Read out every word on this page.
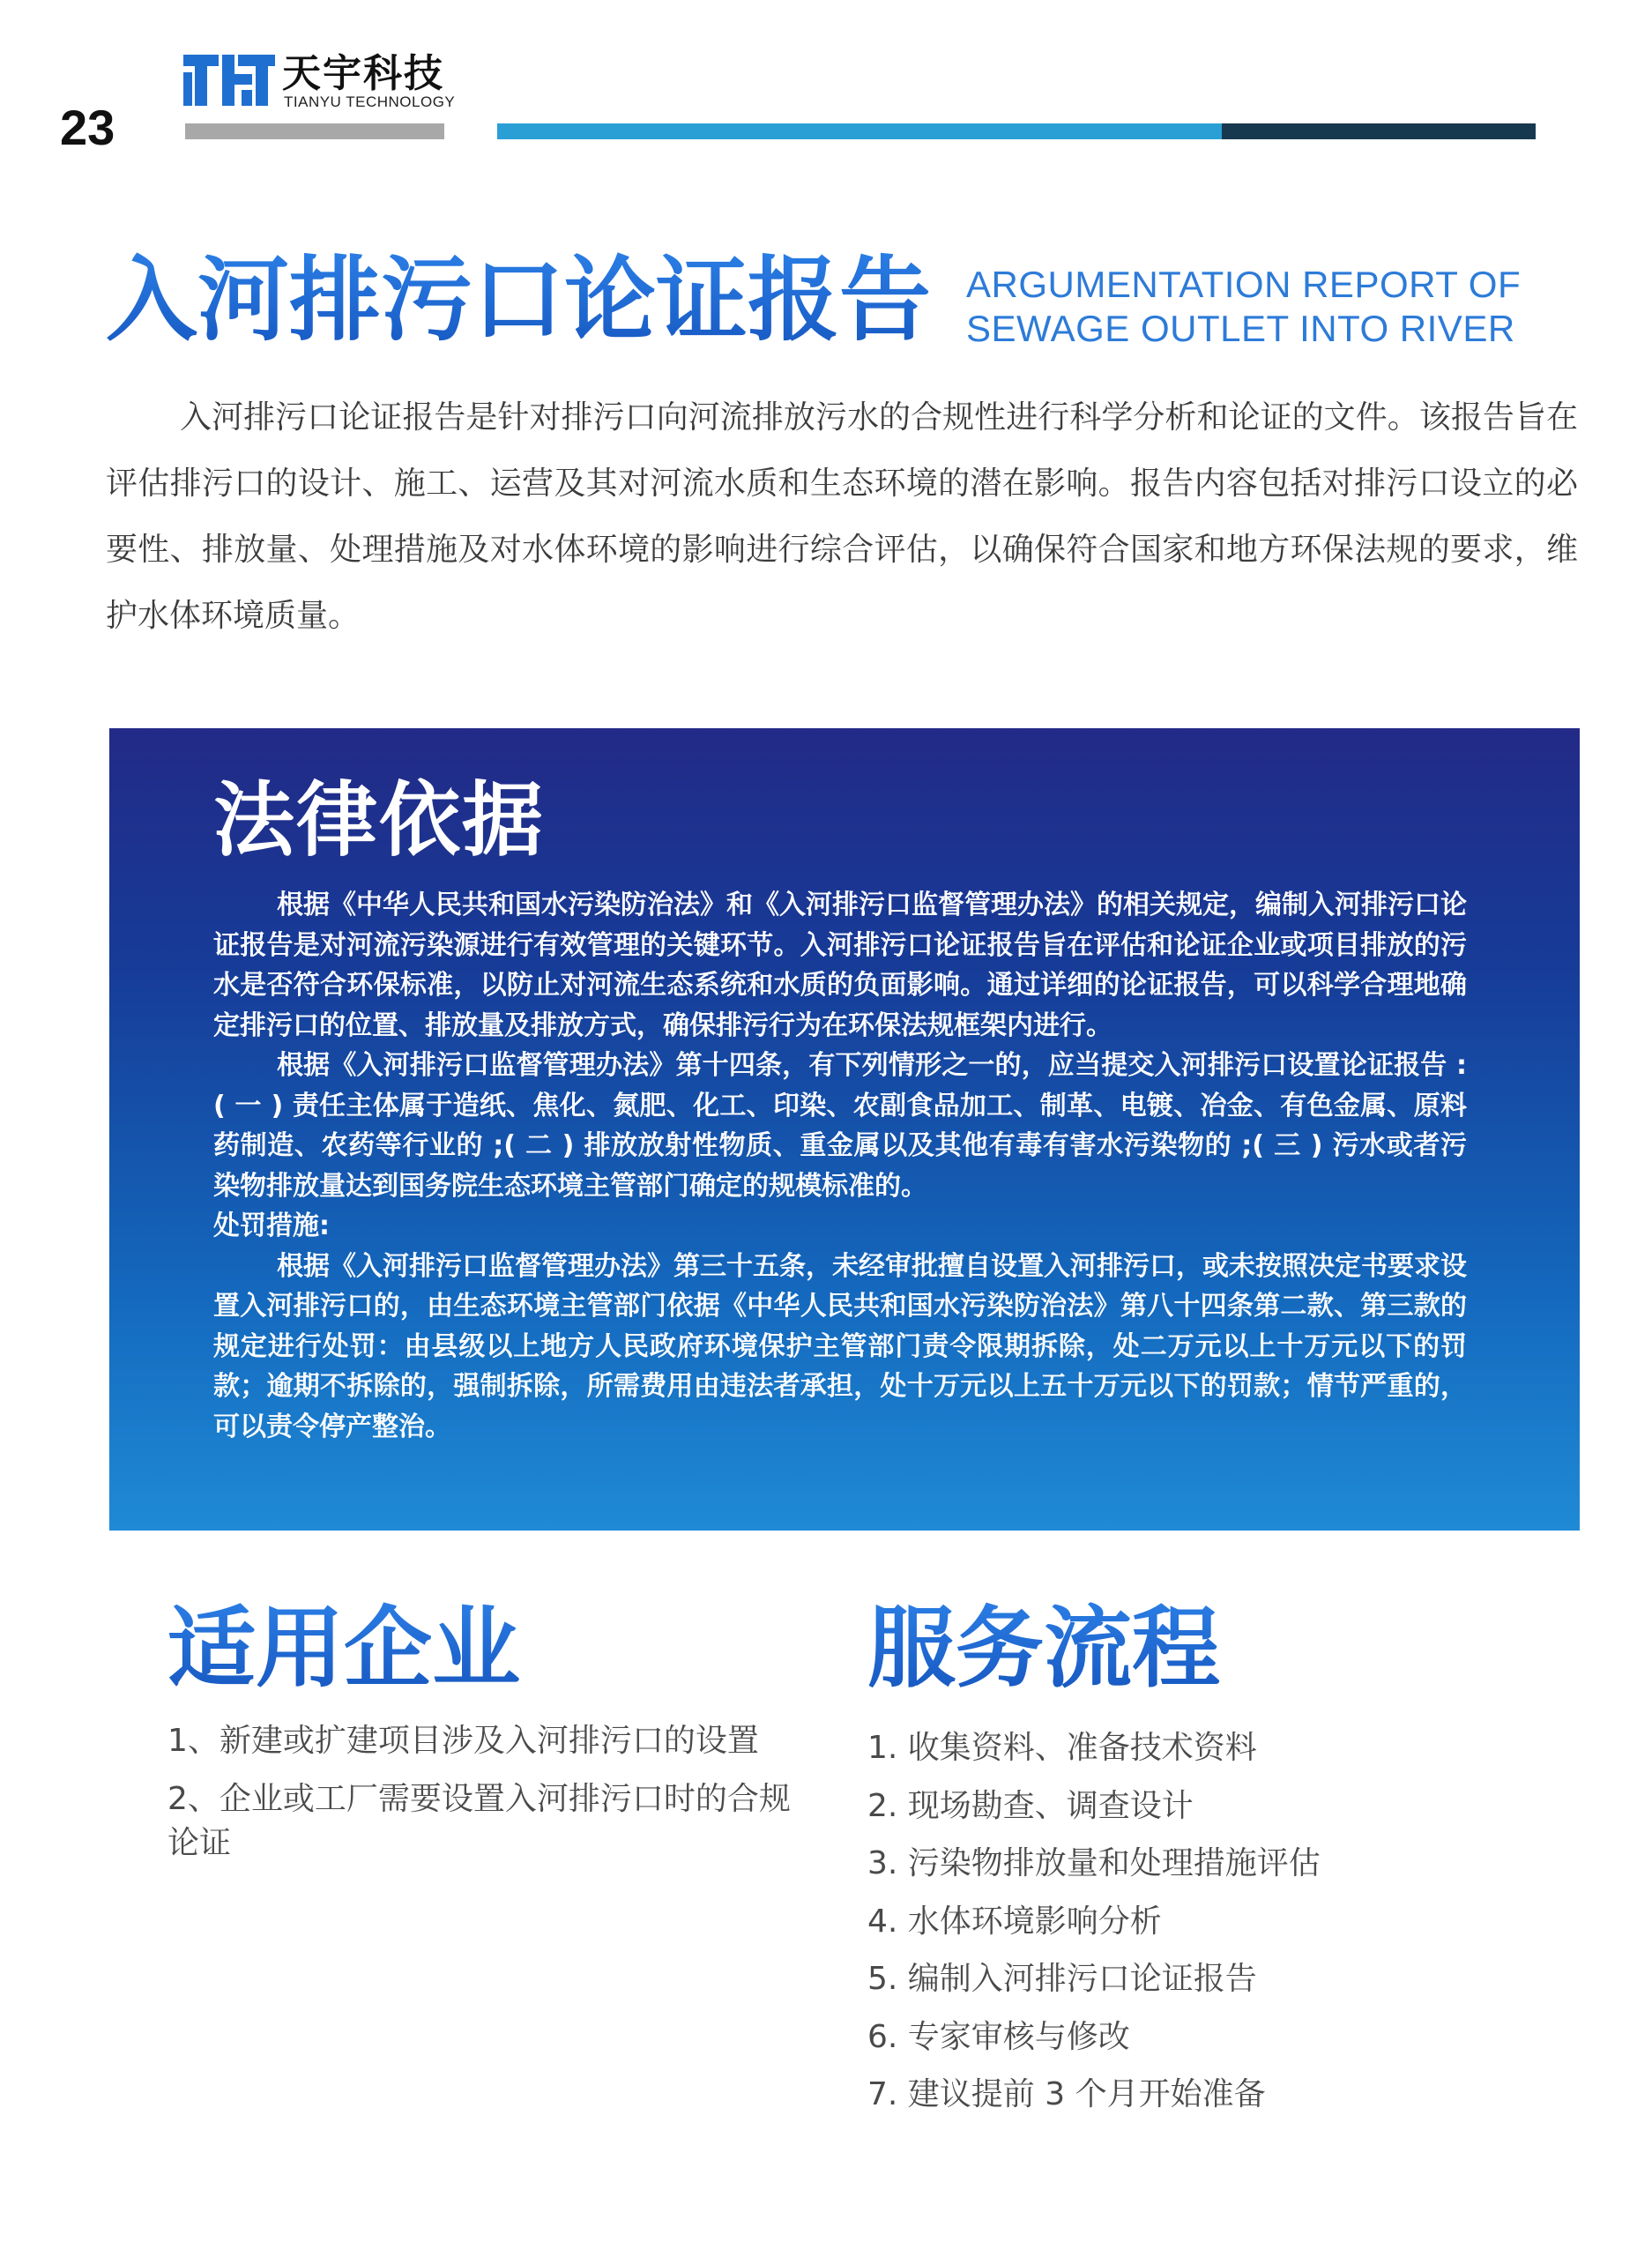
23
天宇科技
TIANYU TECHNOLOGY
入河排污口论证报告 ARGUMENTATION REPORT OF
SEWAGE OUTLET INTO RIVER
入河排污口论证报告是针对排污口向河流排放污水的合规性进行科学分析和论证的文件。该报告旨在评估排污口的设计、施工、运营及其对河流水质和生态环境的潜在影响。报告内容包括对排污口设立的必要性、排放量、处理措施及对水体环境的影响进行综合评估，以确保符合国家和地方环保法规的要求，维护水体环境质量。
法律依据

根据《中华人民共和国水污染防治法》和《入河排污口监督管理办法》的相关规定，编制入河排污口论证报告是对河流污染源进行有效管理的关键环节。入河排污口论证报告旨在评估和论证企业或项目排放的污水是否符合环保标准，以防止对河流生态系统和水质的负面影响。通过详细的论证报告，可以科学合理地确定排污口的位置、排放量及排放方式，确保排污行为在环保法规框架内进行。

根据《入河排污口监督管理办法》第十四条，有下列情形之一的，应当提交入河排污口设置论证报告 :( 一 ) 责任主体属于造纸、焦化、氮肥、化工、印染、农副食品加工、制革、电镀、冶金、有色金属、原料药制造、农药等行业的 ;( 二 ) 排放放射性物质、重金属以及其他有毒有害水污染物的 ;( 三 ) 污水或者污染物排放量达到国务院生态环境主管部门确定的规模标准的。

处罚措施:

根据《入河排污口监督管理办法》第三十五条，未经审批擅自设置入河排污口，或未按照决定书要求设置入河排污口的，由生态环境主管部门依据《中华人民共和国水污染防治法》第八十四条第二款、第三款的规定进行处罚：由县级以上地方人民政府环境保护主管部门责令限期拆除，处二万元以上十万元以下的罚款；逾期不拆除的，强制拆除，所需费用由违法者承担，处十万元以上五十万元以下的罚款；情节严重的，可以责令停产整治。

适用企业
1、新建或扩建项目涉及入河排污口的设置
2、企业或工厂需要设置入河排污口时的合规论证
服务流程
1. 收集资料、准备技术资料
2. 现场勘查、调查设计
3. 污染物排放量和处理措施评估
4. 水体环境影响分析
5. 编制入河排污口论证报告
6. 专家审核与修改
7. 建议提前 3 个月开始准备
